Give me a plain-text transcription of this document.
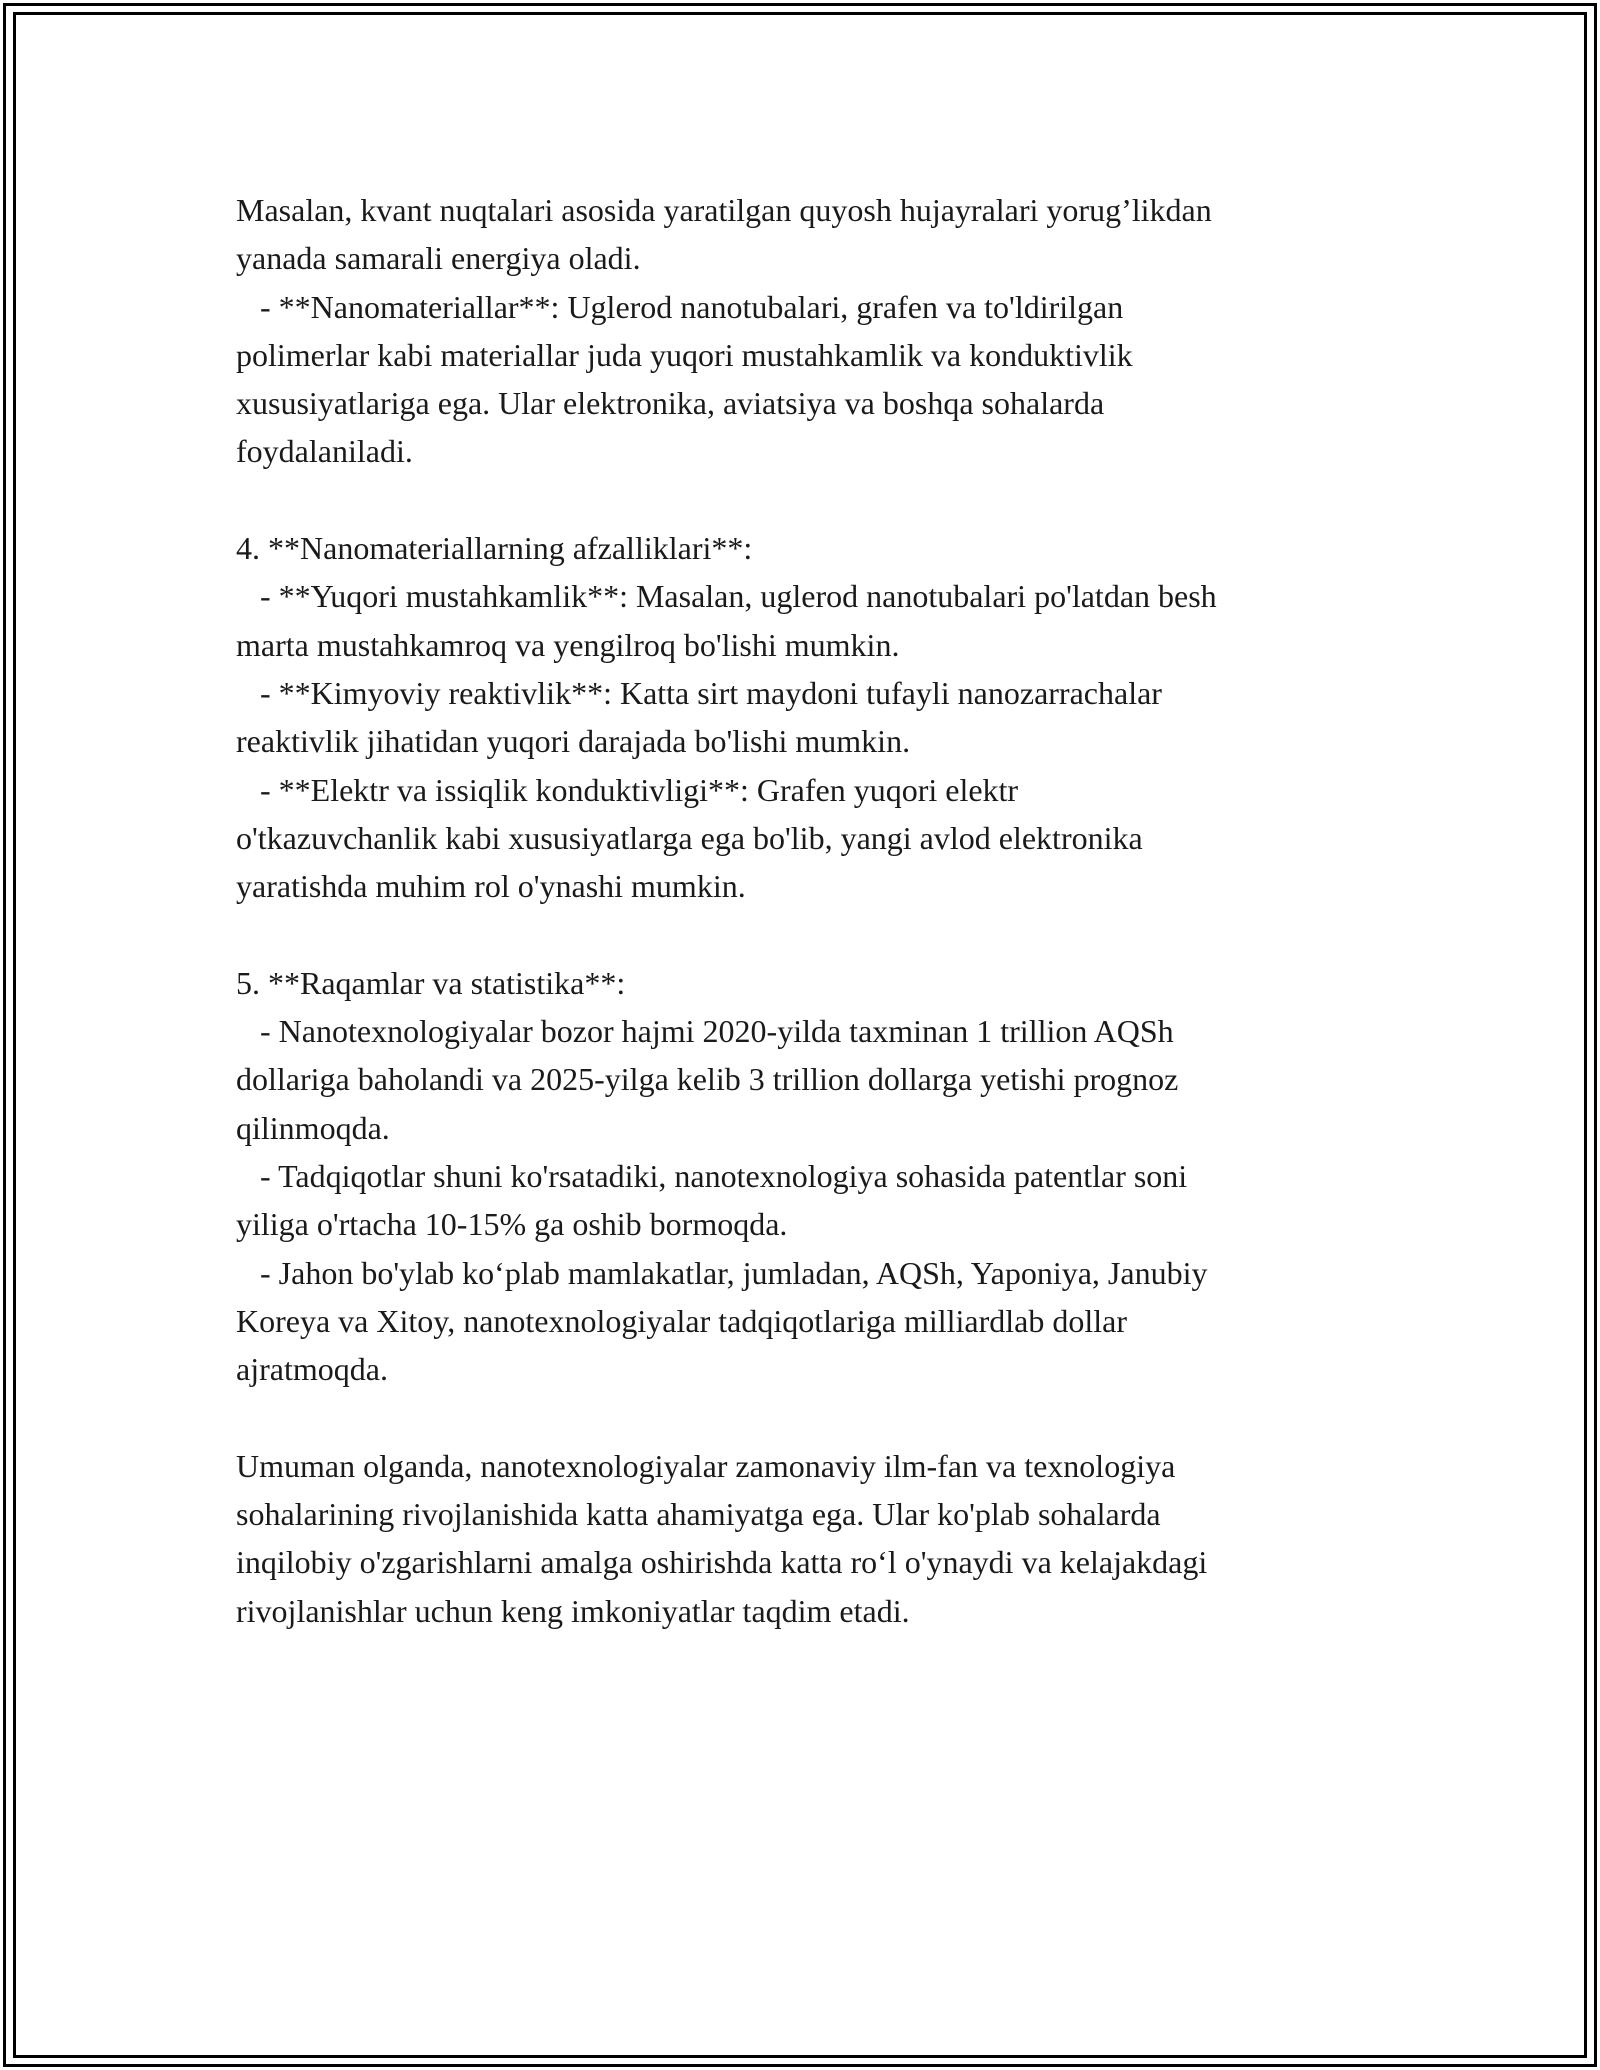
Masalan, kvant nuqtalari asosida yaratilgan quyosh hujayralari yorug’likdan
yanada samarali energiya oladi.
- **Nanomateriallar**: Uglerod nanotubalari, grafen va to'ldirilgan
polimerlar kabi materiallar juda yuqori mustahkamlik va konduktivlik
xususiyatlariga ega. Ular elektronika, aviatsiya va boshqa sohalarda
foydalaniladi.
4. **Nanomateriallarning afzalliklari**:
- **Yuqori mustahkamlik**: Masalan, uglerod nanotubalari po'latdan besh
marta mustahkamroq va yengilroq bo'lishi mumkin.
- **Kimyoviy reaktivlik**: Katta sirt maydoni tufayli nanozarrachalar
reaktivlik jihatidan yuqori darajada bo'lishi mumkin.
- **Elektr va issiqlik konduktivligi**: Grafen yuqori elektr
o'tkazuvchanlik kabi xususiyatlarga ega bo'lib, yangi avlod elektronika
yaratishda muhim rol o'ynashi mumkin.
5. **Raqamlar va statistika**:
- Nanotexnologiyalar bozor hajmi 2020-yilda taxminan 1 trillion AQSh
dollariga baholandi va 2025-yilga kelib 3 trillion dollarga yetishi prognoz
qilinmoqda.
- Tadqiqotlar shuni ko'rsatadiki, nanotexnologiya sohasida patentlar soni
yiliga o'rtacha 10-15% ga oshib bormoqda.
- Jahon bo'ylab ko‘plab mamlakatlar, jumladan, AQSh, Yaponiya, Janubiy
Koreya va Xitoy, nanotexnologiyalar tadqiqotlariga milliardlab dollar
ajratmoqda.
Umuman olganda, nanotexnologiyalar zamonaviy ilm-fan va texnologiya
sohalarining rivojlanishida katta ahamiyatga ega. Ular ko'plab sohalarda
inqilobiy o'zgarishlarni amalga oshirishda katta ro‘l o'ynaydi va kelajakdagi
rivojlanishlar uchun keng imkoniyatlar taqdim etadi.
